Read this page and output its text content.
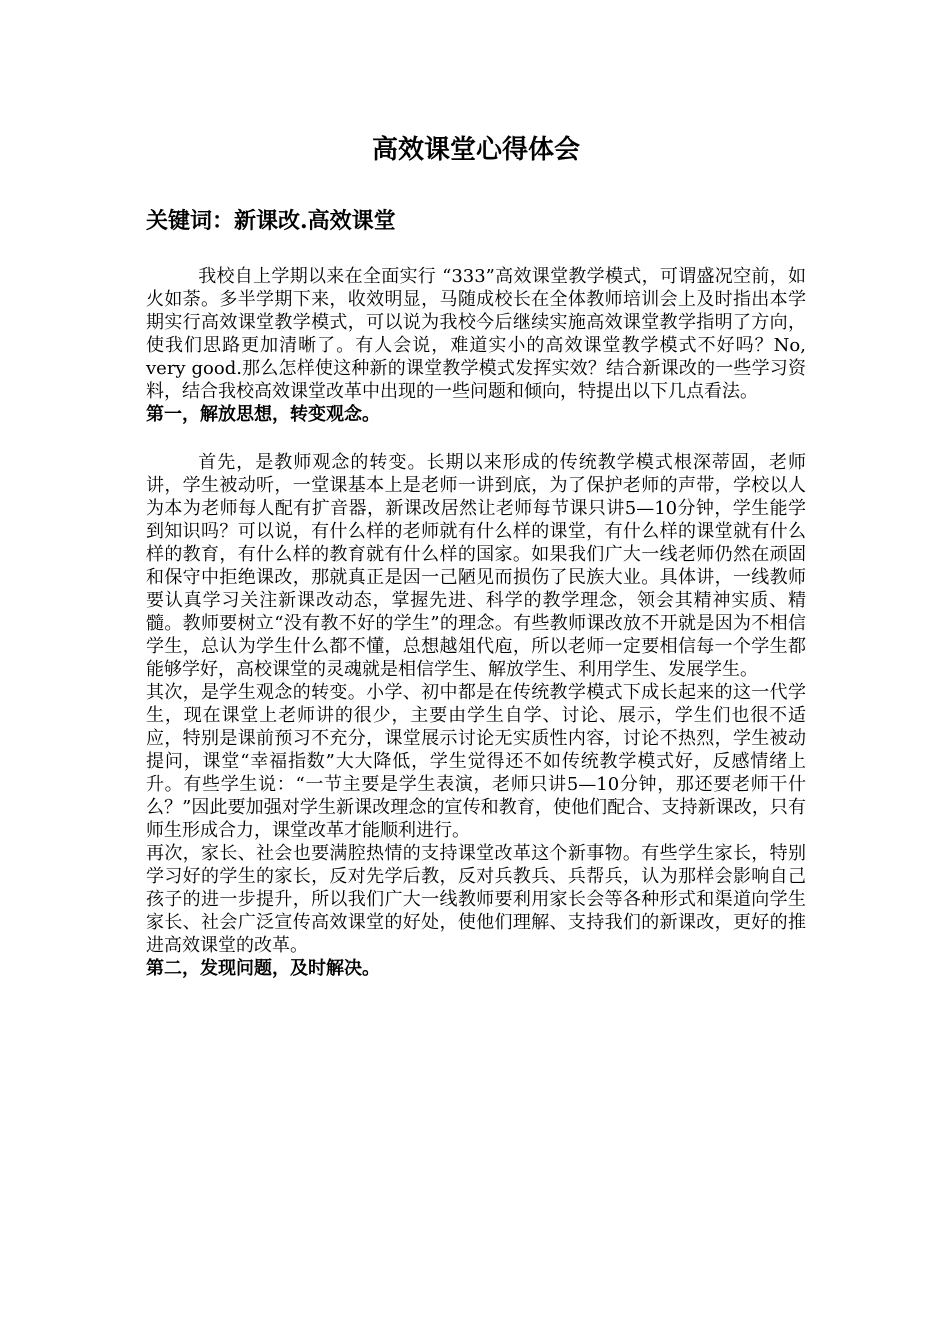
高效课堂心得体会

关键词：新课改.高效课堂

我校自上学期以来在全面实行 “333”高效课堂教学模式，可谓盛况空前，如火如荼。多半学期下来，收效明显，马随成校长在全体教师培训会上及时指出本学期实行高效课堂教学模式，可以说为我校今后继续实施高效课堂教学指明了方向，使我们思路更加清晰了。有人会说，难道实小的高效课堂教学模式不好吗？No, very good.那么怎样使这种新的课堂教学模式发挥实效？结合新课改的一些学习资料，结合我校高效课堂改革中出现的一些问题和倾向，特提出以下几点看法。

第一，解放思想，转变观念。

首先，是教师观念的转变。长期以来形成的传统教学模式根深蒂固，老师讲，学生被动听，一堂课基本上是老师一讲到底，为了保护老师的声带，学校以人为本为老师每人配有扩音器，新课改居然让老师每节课只讲5—10分钟，学生能学到知识吗？可以说，有什么样的老师就有什么样的课堂，有什么样的课堂就有什么样的教育，有什么样的教育就有什么样的国家。如果我们广大一线老师仍然在顽固和保守中拒绝课改，那就真正是因一己陋见而损伤了民族大业。具体讲，一线教师要认真学习关注新课改动态，掌握先进、科学的教学理念，领会其精神实质、精髓。教师要树立“没有教不好的学生”的理念。有些教师课改放不开就是因为不相信学生，总认为学生什么都不懂，总想越俎代庖，所以老师一定要相信每一个学生都能够学好，高校课堂的灵魂就是相信学生、解放学生、利用学生、发展学生。

其次，是学生观念的转变。小学、初中都是在传统教学模式下成长起来的这一代学生，现在课堂上老师讲的很少，主要由学生自学、讨论、展示，学生们也很不适应，特别是课前预习不充分，课堂展示讨论无实质性内容，讨论不热烈，学生被动提问，课堂“幸福指数”大大降低，学生觉得还不如传统教学模式好，反感情绪上升。有些学生说：“一节主要是学生表演，老师只讲5—10分钟，那还要老师干什么？”因此要加强对学生新课改理念的宣传和教育，使他们配合、支持新课改，只有师生形成合力，课堂改革才能顺利进行。

再次，家长、社会也要满腔热情的支持课堂改革这个新事物。有些学生家长，特别学习好的学生的家长，反对先学后教，反对兵教兵、兵帮兵，认为那样会影响自己孩子的进一步提升，所以我们广大一线教师要利用家长会等各种形式和渠道向学生家长、社会广泛宣传高效课堂的好处，使他们理解、支持我们的新课改，更好的推进高效课堂的改革。

第二，发现问题，及时解决。
